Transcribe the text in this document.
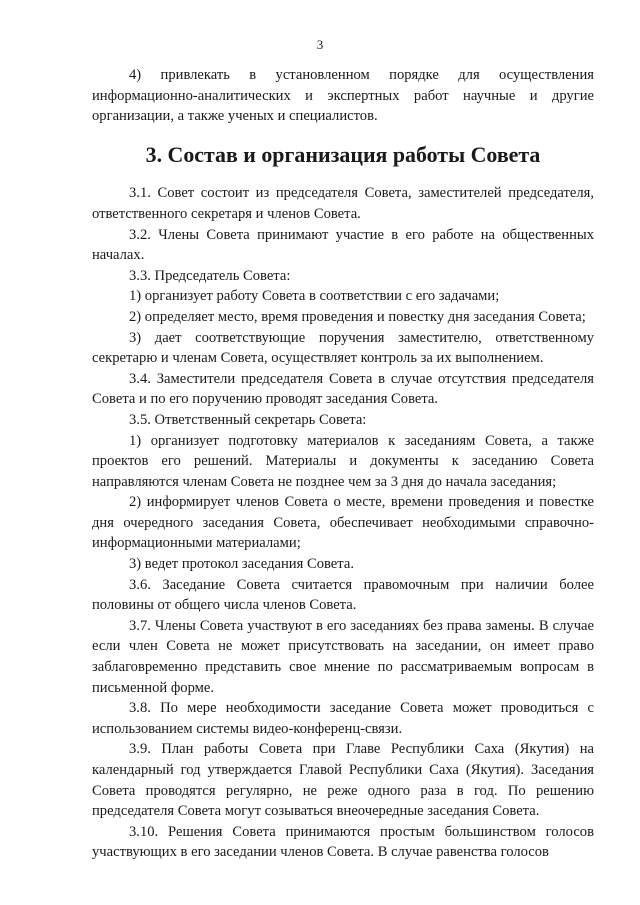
3

4) привлекать в установленном порядке для осуществления информационно-аналитических и экспертных работ научные и другие организации, а также ученых и специалистов.

3. Состав и организация работы Совета

3.1. Совет состоит из председателя Совета, заместителей председателя, ответственного секретаря и членов Совета.

3.2. Члены Совета принимают участие в его работе на общественных началах.

3.3. Председатель Совета:

1) организует работу Совета в соответствии с его задачами;

2) определяет место, время проведения и повестку дня заседания Совета;

3) дает соответствующие поручения заместителю, ответственному секретарю и членам Совета, осуществляет контроль за их выполнением.

3.4. Заместители председателя Совета в случае отсутствия председателя Совета и по его поручению проводят заседания Совета.

3.5. Ответственный секретарь Совета:

1) организует подготовку материалов к заседаниям Совета, а также проектов его решений. Материалы и документы к заседанию Совета направляются членам Совета не позднее чем за 3 дня до начала заседания;

2) информирует членов Совета о месте, времени проведения и повестке дня очередного заседания Совета, обеспечивает необходимыми справочно-информационными материалами;

3) ведет протокол заседания Совета.

3.6. Заседание Совета считается правомочным при наличии более половины от общего числа членов Совета.

3.7. Члены Совета участвуют в его заседаниях без права замены. В случае если член Совета не может присутствовать на заседании, он имеет право заблаговременно представить свое мнение по рассматриваемым вопросам в письменной форме.

3.8. По мере необходимости заседание Совета может проводиться с использованием системы видео-конференц-связи.

3.9. План работы Совета при Главе Республики Саха (Якутия) на календарный год утверждается Главой Республики Саха (Якутия). Заседания Совета проводятся регулярно, не реже одного раза в год. По решению председателя Совета могут созываться внеочередные заседания Совета.

3.10. Решения Совета принимаются простым большинством голосов участвующих в его заседании членов Совета. В случае равенства голосов
